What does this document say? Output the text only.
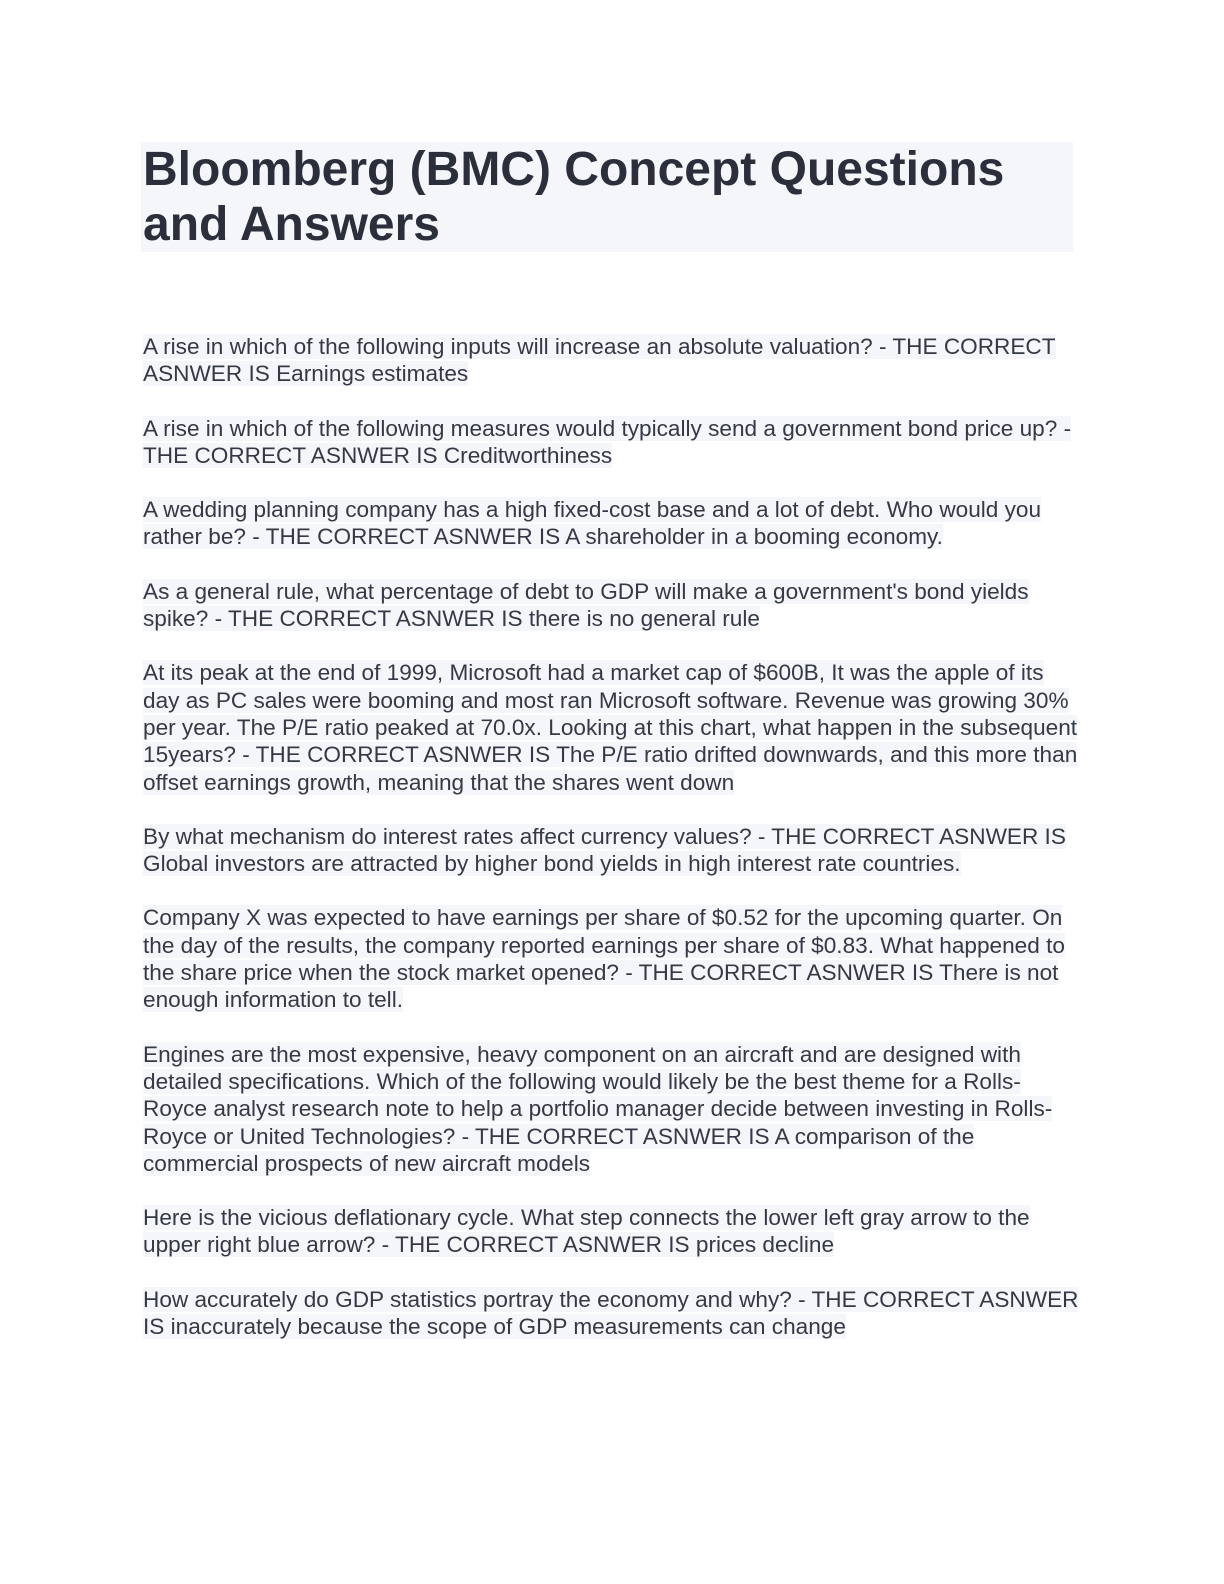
Bloomberg (BMC) Concept Questions and Answers

A rise in which of the following inputs will increase an absolute valuation? - THE CORRECT ASNWER IS Earnings estimates

A rise in which of the following measures would typically send a government bond price up? - THE CORRECT ASNWER IS Creditworthiness

A wedding planning company has a high fixed-cost base and a lot of debt. Who would you rather be? - THE CORRECT ASNWER IS A shareholder in a booming economy.

As a general rule, what percentage of debt to GDP will make a government's bond yields spike? - THE CORRECT ASNWER IS there is no general rule

At its peak at the end of 1999, Microsoft had a market cap of $600B, It was the apple of its day as PC sales were booming and most ran Microsoft software. Revenue was growing 30% per year. The P/E ratio peaked at 70.0x. Looking at this chart, what happen in the subsequent 15years? - THE CORRECT ASNWER IS The P/E ratio drifted downwards, and this more than offset earnings growth, meaning that the shares went down

By what mechanism do interest rates affect currency values? - THE CORRECT ASNWER IS Global investors are attracted by higher bond yields in high interest rate countries.

Company X was expected to have earnings per share of $0.52 for the upcoming quarter. On the day of the results, the company reported earnings per share of $0.83. What happened to the share price when the stock market opened? - THE CORRECT ASNWER IS There is not enough information to tell.

Engines are the most expensive, heavy component on an aircraft and are designed with detailed specifications. Which of the following would likely be the best theme for a Rolls-Royce analyst research note to help a portfolio manager decide between investing in Rolls-Royce or United Technologies? - THE CORRECT ASNWER IS A comparison of the commercial prospects of new aircraft models

Here is the vicious deflationary cycle. What step connects the lower left gray arrow to the upper right blue arrow? - THE CORRECT ASNWER IS prices decline

How accurately do GDP statistics portray the economy and why? - THE CORRECT ASNWER IS inaccurately because the scope of GDP measurements can change
